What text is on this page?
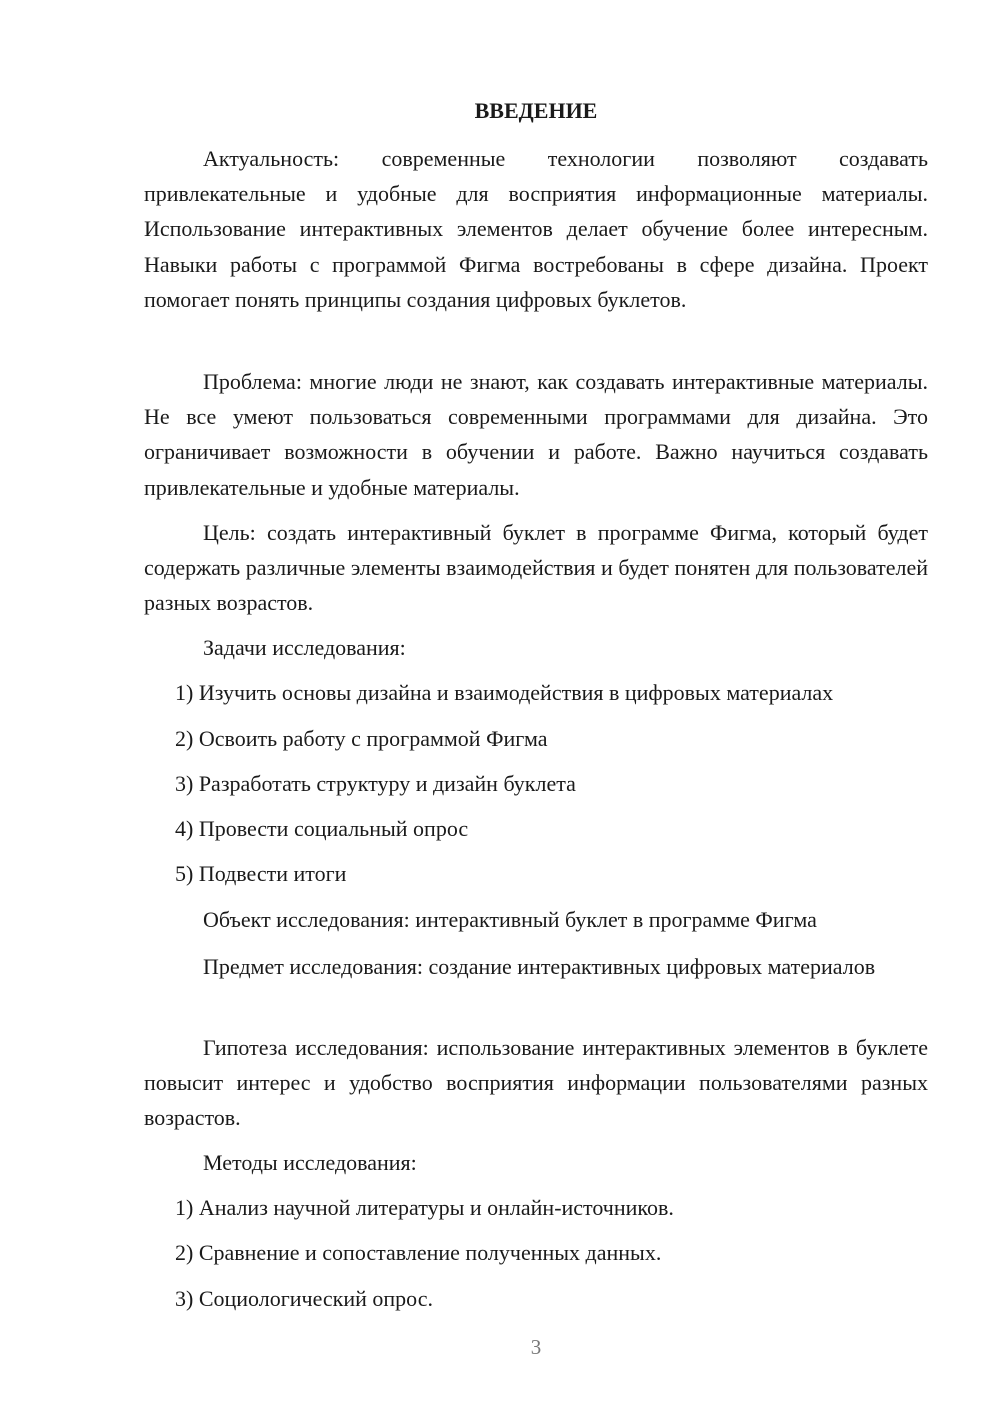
ВВЕДЕНИЕ

Актуальность: современные технологии позволяют создавать привлекательные и удобные для восприятия информационные материалы. Использование интерактивных элементов делает обучение более интересным. Навыки работы с программой Фигма востребованы в сфере дизайна. Проект помогает понять принципы создания цифровых буклетов.

Проблема: многие люди не знают, как создавать интерактивные материалы. Не все умеют пользоваться современными программами для дизайна. Это ограничивает возможности в обучении и работе. Важно научиться создавать привлекательные и удобные материалы.

Цель: создать интерактивный буклет в программе Фигма, который будет содержать различные элементы взаимодействия и будет понятен для пользователей разных возрастов.

Задачи исследования:

1) Изучить основы дизайна и взаимодействия в цифровых материалах

2) Освоить работу с программой Фигма

3) Разработать структуру и дизайн буклета

4) Провести социальный опрос

5) Подвести итоги

Объект исследования: интерактивный буклет в программе Фигма

Предмет исследования: создание интерактивных цифровых материалов

Гипотеза исследования: использование интерактивных элементов в буклете повысит интерес и удобство восприятия информации пользователями разных возрастов.

Методы исследования:

1) Анализ научной литературы и онлайн-источников.

2) Сравнение и сопоставление полученных данных.

3) Социологический опрос.

3
